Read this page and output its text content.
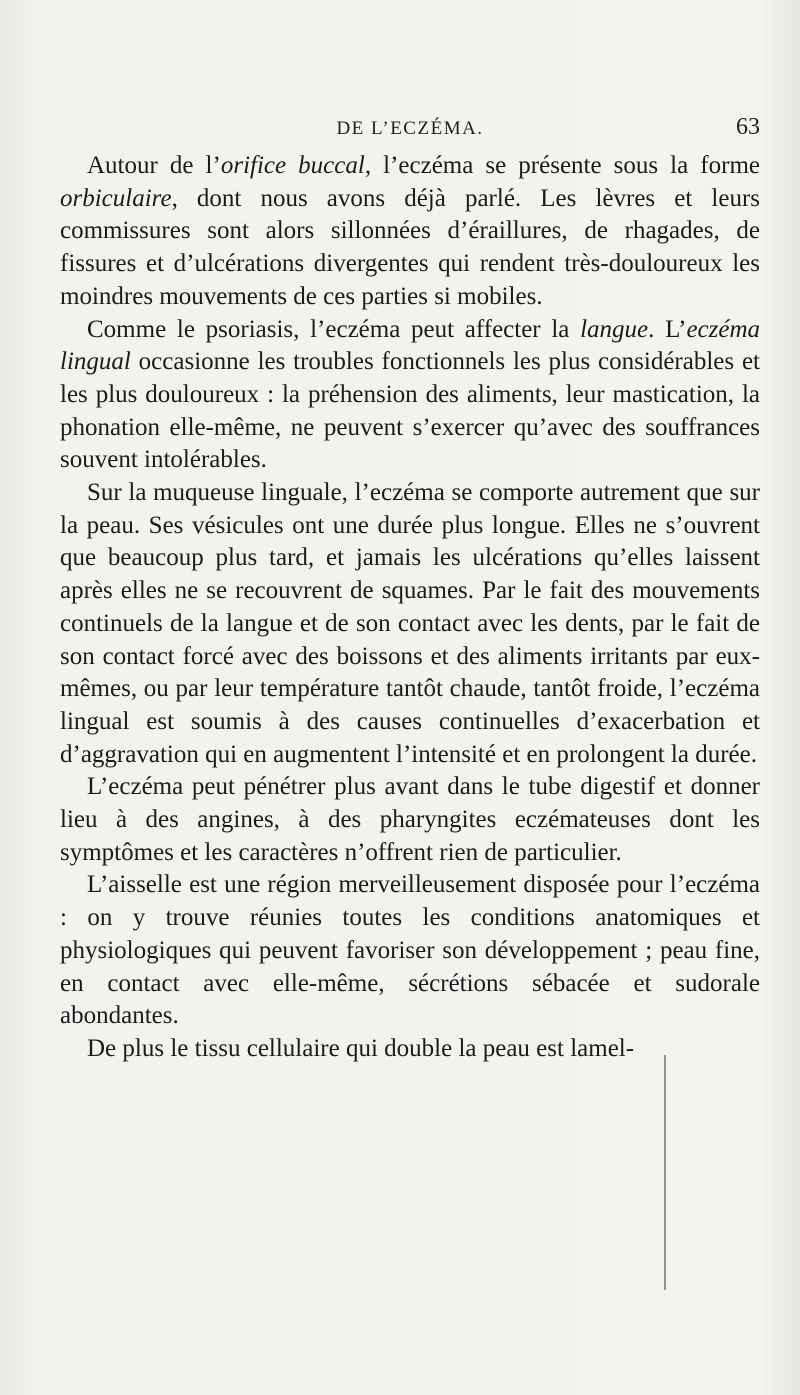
DE L’ECZÉMA.	63

Autour de l’orifice buccal, l’eczéma se présente sous la forme orbiculaire, dont nous avons déjà parlé. Les lèvres et leurs commissures sont alors sillonnées d’éraillures, de rhagades, de fissures et d’ulcérations divergentes qui rendent très-douloureux les moindres mouvements de ces parties si mobiles.

Comme le psoriasis, l’eczéma peut affecter la langue. L’eczéma lingual occasionne les troubles fonctionnels les plus considérables et les plus douloureux : la préhension des aliments, leur mastication, la phonation elle-même, ne peuvent s’exercer qu’avec des souffrances souvent intolérables.

Sur la muqueuse linguale, l’eczéma se comporte autrement que sur la peau. Ses vésicules ont une durée plus longue. Elles ne s’ouvrent que beaucoup plus tard, et jamais les ulcérations qu’elles laissent après elles ne se recouvrent de squames. Par le fait des mouvements continuels de la langue et de son contact avec les dents, par le fait de son contact forcé avec des boissons et des aliments irritants par eux-mêmes, ou par leur température tantôt chaude, tantôt froide, l’eczéma lingual est soumis à des causes continuelles d’exacerbation et d’aggravation qui en augmentent l’intensité et en prolongent la durée.

L’eczéma peut pénétrer plus avant dans le tube digestif et donner lieu à des angines, à des pharyngites eczémateuses dont les symptômes et les caractères n’offrent rien de particulier.

L’aisselle est une région merveilleusement disposée pour l’eczéma : on y trouve réunies toutes les conditions anatomiques et physiologiques qui peuvent favoriser son développement ; peau fine, en contact avec elle-même, sécrétions sébacée et sudorale abondantes.

De plus le tissu cellulaire qui double la peau est lamel-
